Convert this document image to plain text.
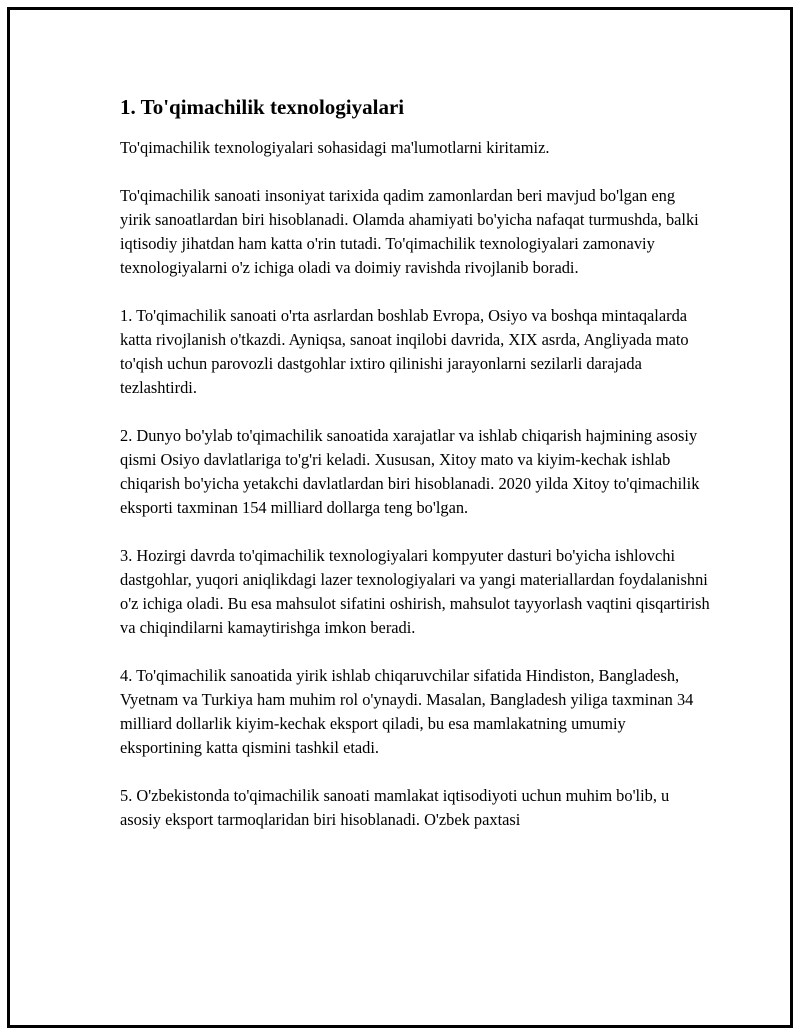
1. To'qimachilik texnologiyalari

To'qimachilik texnologiyalari sohasidagi ma'lumotlarni kiritamiz.

To'qimachilik sanoati insoniyat tarixida qadim zamonlardan beri mavjud bo'lgan eng yirik sanoatlardan biri hisoblanadi. Olamda ahamiyati bo'yicha nafaqat turmushda, balki iqtisodiy jihatdan ham katta o'rin tutadi. To'qimachilik texnologiyalari zamonaviy texnologiyalarni o'z ichiga oladi va doimiy ravishda rivojlanib boradi.

1. To'qimachilik sanoati o'rta asrlardan boshlab Evropa, Osiyo va boshqa mintaqalarda katta rivojlanish o'tkazdi. Ayniqsa, sanoat inqilobi davrida, XIX asrda, Angliyada mato to'qish uchun parovozli dastgohlar ixtiro qilinishi jarayonlarni sezilarli darajada tezlashtirdi.

2. Dunyo bo'ylab to'qimachilik sanoatida xarajatlar va ishlab chiqarish hajmining asosiy qismi Osiyo davlatlariga to'g'ri keladi. Xususan, Xitoy mato va kiyim-kechak ishlab chiqarish bo'yicha yetakchi davlatlardan biri hisoblanadi. 2020 yilda Xitoy to'qimachilik eksporti taxminan 154 milliard dollarga teng bo'lgan.

3. Hozirgi davrda to'qimachilik texnologiyalari kompyuter dasturi bo'yicha ishlovchi dastgohlar, yuqori aniqlikdagi lazer texnologiyalari va yangi materiallardan foydalanishni o'z ichiga oladi. Bu esa mahsulot sifatini oshirish, mahsulot tayyorlash vaqtini qisqartirish va chiqindilarni kamaytirishga imkon beradi.

4. To'qimachilik sanoatida yirik ishlab chiqaruvchilar sifatida Hindiston, Bangladesh, Vyetnam va Turkiya ham muhim rol o'ynaydi. Masalan, Bangladesh yiliga taxminan 34 milliard dollarlik kiyim-kechak eksport qiladi, bu esa mamlakatning umumiy eksportining katta qismini tashkil etadi.

5. O'zbekistonda to'qimachilik sanoati mamlakat iqtisodiyoti uchun muhim bo'lib, u asosiy eksport tarmoqlaridan biri hisoblanadi. O'zbek paxtasi
